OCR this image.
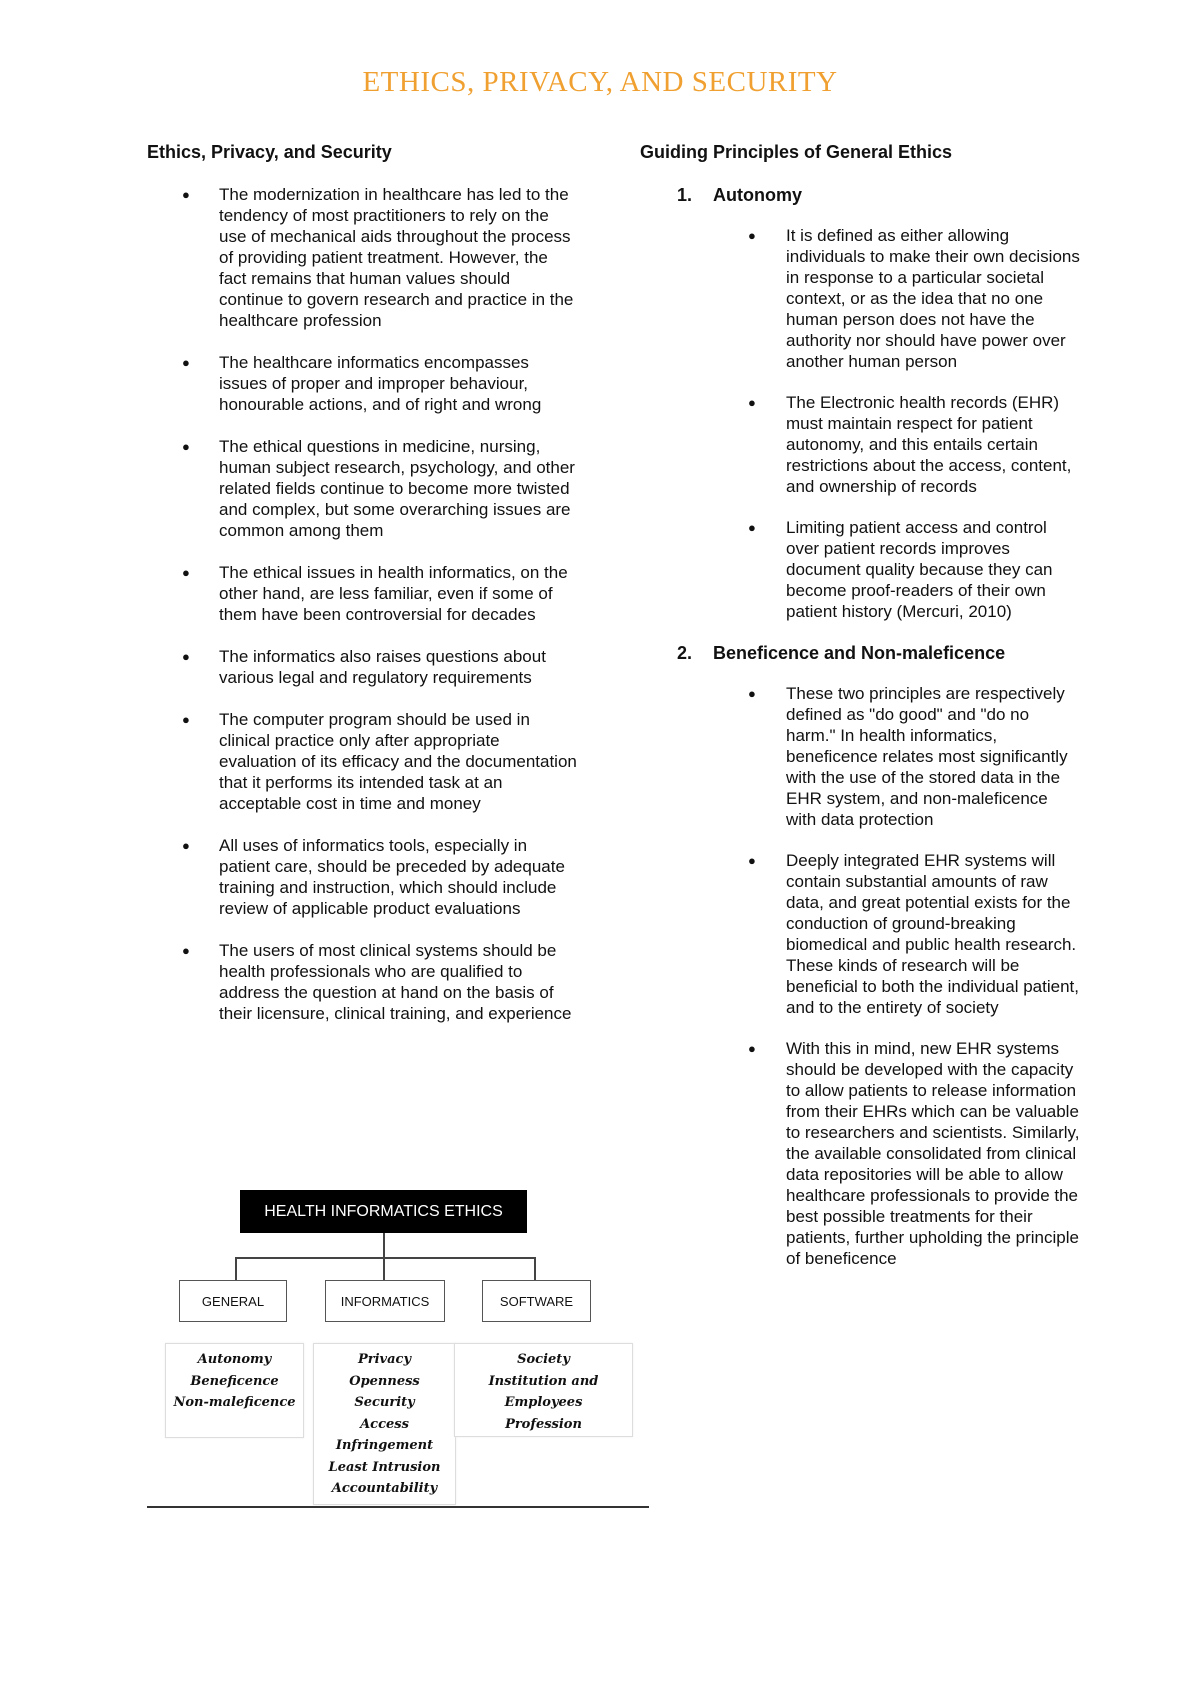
ETHICS, PRIVACY, AND SECURITY
Ethics, Privacy, and Security
● The modernization in healthcare has led to the tendency of most practitioners to rely on the use of mechanical aids throughout the process of providing patient treatment. However, the fact remains that human values should continue to govern research and practice in the healthcare profession
● The healthcare informatics encompasses issues of proper and improper behaviour, honourable actions, and of right and wrong
● The ethical questions in medicine, nursing, human subject research, psychology, and other related fields continue to become more twisted and complex, but some overarching issues are common among them
● The ethical issues in health informatics, on the other hand, are less familiar, even if some of them have been controversial for decades
● The informatics also raises questions about various legal and regulatory requirements
● The computer program should be used in clinical practice only after appropriate evaluation of its efficacy and the documentation that it performs its intended task at an acceptable cost in time and money
● All uses of informatics tools, especially in patient care, should be preceded by adequate training and instruction, which should include review of applicable product evaluations
● The users of most clinical systems should be health professionals who are qualified to address the question at hand on the basis of their licensure, clinical training, and experience
HEALTH INFORMATICS ETHICS
GENERAL	INFORMATICS	SOFTWARE
Autonomy
Beneficence
Non-maleficence
Privacy
Openness
Security
Access
Infringement
Least Intrusion
Accountability
Society
Institution and Employees
Profession
Guiding Principles of General Ethics
1. Autonomy
● It is defined as either allowing individuals to make their own decisions in response to a particular societal context, or as the idea that no one human person does not have the authority nor should have power over another human person
● The Electronic health records (EHR) must maintain respect for patient autonomy, and this entails certain restrictions about the access, content, and ownership of records
● Limiting patient access and control over patient records improves document quality because they can become proof-readers of their own patient history (Mercuri, 2010)
2. Beneficence and Non-maleficence
● These two principles are respectively defined as "do good" and "do no harm." In health informatics, beneficence relates most significantly with the use of the stored data in the EHR system, and non-maleficence with data protection
● Deeply integrated EHR systems will contain substantial amounts of raw data, and great potential exists for the conduction of ground-breaking biomedical and public health research. These kinds of research will be beneficial to both the individual patient, and to the entirety of society
● With this in mind, new EHR systems should be developed with the capacity to allow patients to release information from their EHRs which can be valuable to researchers and scientists. Similarly, the available consolidated from clinical data repositories will be able to allow healthcare professionals to provide the best possible treatments for their patients, further upholding the principle of beneficence
